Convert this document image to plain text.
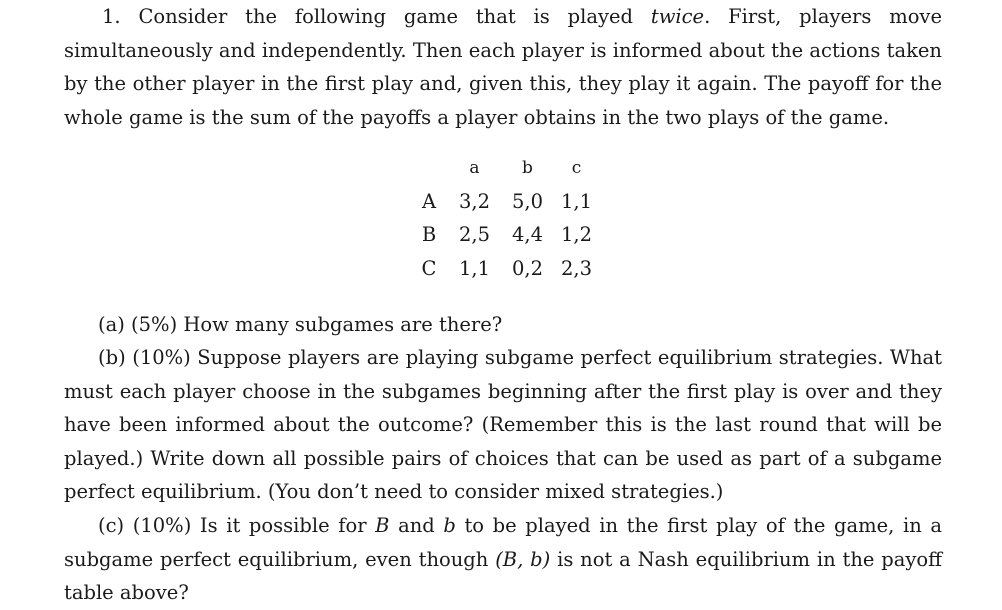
1. Consider the following game that is played twice. First, players move simultaneously and independently. Then each player is informed about the actions taken by the other player in the first play and, given this, they play it again. The payoff for the whole game is the sum of the payoffs a player obtains in the two plays of the game.

	a	b	c
A	3,2	5,0	1,1
B	2,5	4,4	1,2
C	1,1	0,2	2,3

(a) (5%) How many subgames are there?

(b) (10%) Suppose players are playing subgame perfect equilibrium strategies. What must each player choose in the subgames beginning after the first play is over and they have been informed about the outcome? (Remember this is the last round that will be played.) Write down all possible pairs of choices that can be used as part of a subgame perfect equilibrium. (You don’t need to consider mixed strategies.)

(c) (10%) Is it possible for B and b to be played in the first play of the game, in a subgame perfect equilibrium, even though (B, b) is not a Nash equilibrium in the payoff table above?
